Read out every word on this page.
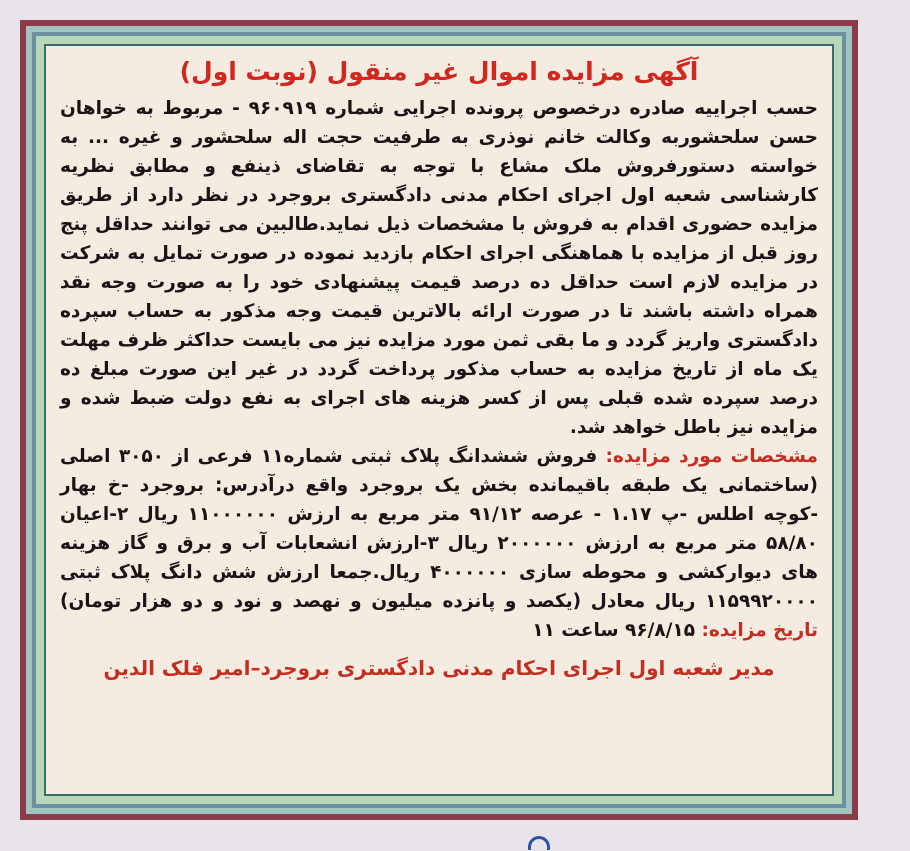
آگهی مزایده اموال غیر منقول (نوبت اول)

حسب اجراییه صادره درخصوص پرونده اجرایی شماره ۹۶۰۹۱۹ - مربوط به خواهان حسن سلحشوربه وکالت خانم نوذری به طرفیت حجت اله سلحشور و غیره ... به خواسته دستورفروش ملک مشاع با توجه به تقاضای ذینفع و مطابق نظریه کارشناسی شعبه اول اجرای احکام مدنی دادگستری بروجرد در نظر دارد از طریق مزایده حضوری اقدام به فروش با مشخصات ذیل نماید.طالبین می توانند حداقل پنج روز قبل از مزایده با هماهنگی اجرای احکام بازدید نموده در صورت تمایل به شرکت در مزایده لازم است حداقل ده درصد قیمت پیشنهادی خود را به صورت وجه نقد همراه داشته باشند تا در صورت ارائه بالاترین قیمت وجه مذکور به حساب سپرده دادگستری واریز گردد و ما بقی ثمن مورد مزایده نیز می بایست حداکثر ظرف مهلت یک ماه از تاریخ مزایده به حساب مذکور پرداخت گردد در غیر این صورت مبلغ ده درصد سپرده شده قبلی پس از کسر هزینه های اجرای به نفع دولت ضبط شده و مزایده نیز باطل خواهد شد.

مشخصات مورد مزایده: فروش ششدانگ پلاک ثبتی شماره۱۱ فرعی از ۳۰۵۰ اصلی (ساختمانی یک طبقه باقیمانده بخش یک بروجرد واقع درآدرس: بروجرد -خ بهار -کوچه اطلس -پ ۱.۱۷ - عرصه ۹۱/۱۲ متر مربع به ارزش ۱۱۰۰۰۰۰۰ ریال ۲-اعیان ۵۸/۸۰ متر مربع به ارزش ۲۰۰۰۰۰۰ ریال ۳-ارزش انشعابات آب و برق و گاز هزینه های دیوارکشی و محوطه سازی ۴۰۰۰۰۰۰ ریال.جمعا ارزش شش دانگ پلاک ثبتی ۱۱۵۹۹۲۰۰۰۰ ریال معادل (یکصد و پانزده میلیون و نهصد و نود و دو هزار تومان) تاریخ مزایده: ۹۶/۸/۱۵ ساعت ۱۱

مدیر شعبه اول اجرای احکام مدنی دادگستری بروجرد–امیر فلک الدین
